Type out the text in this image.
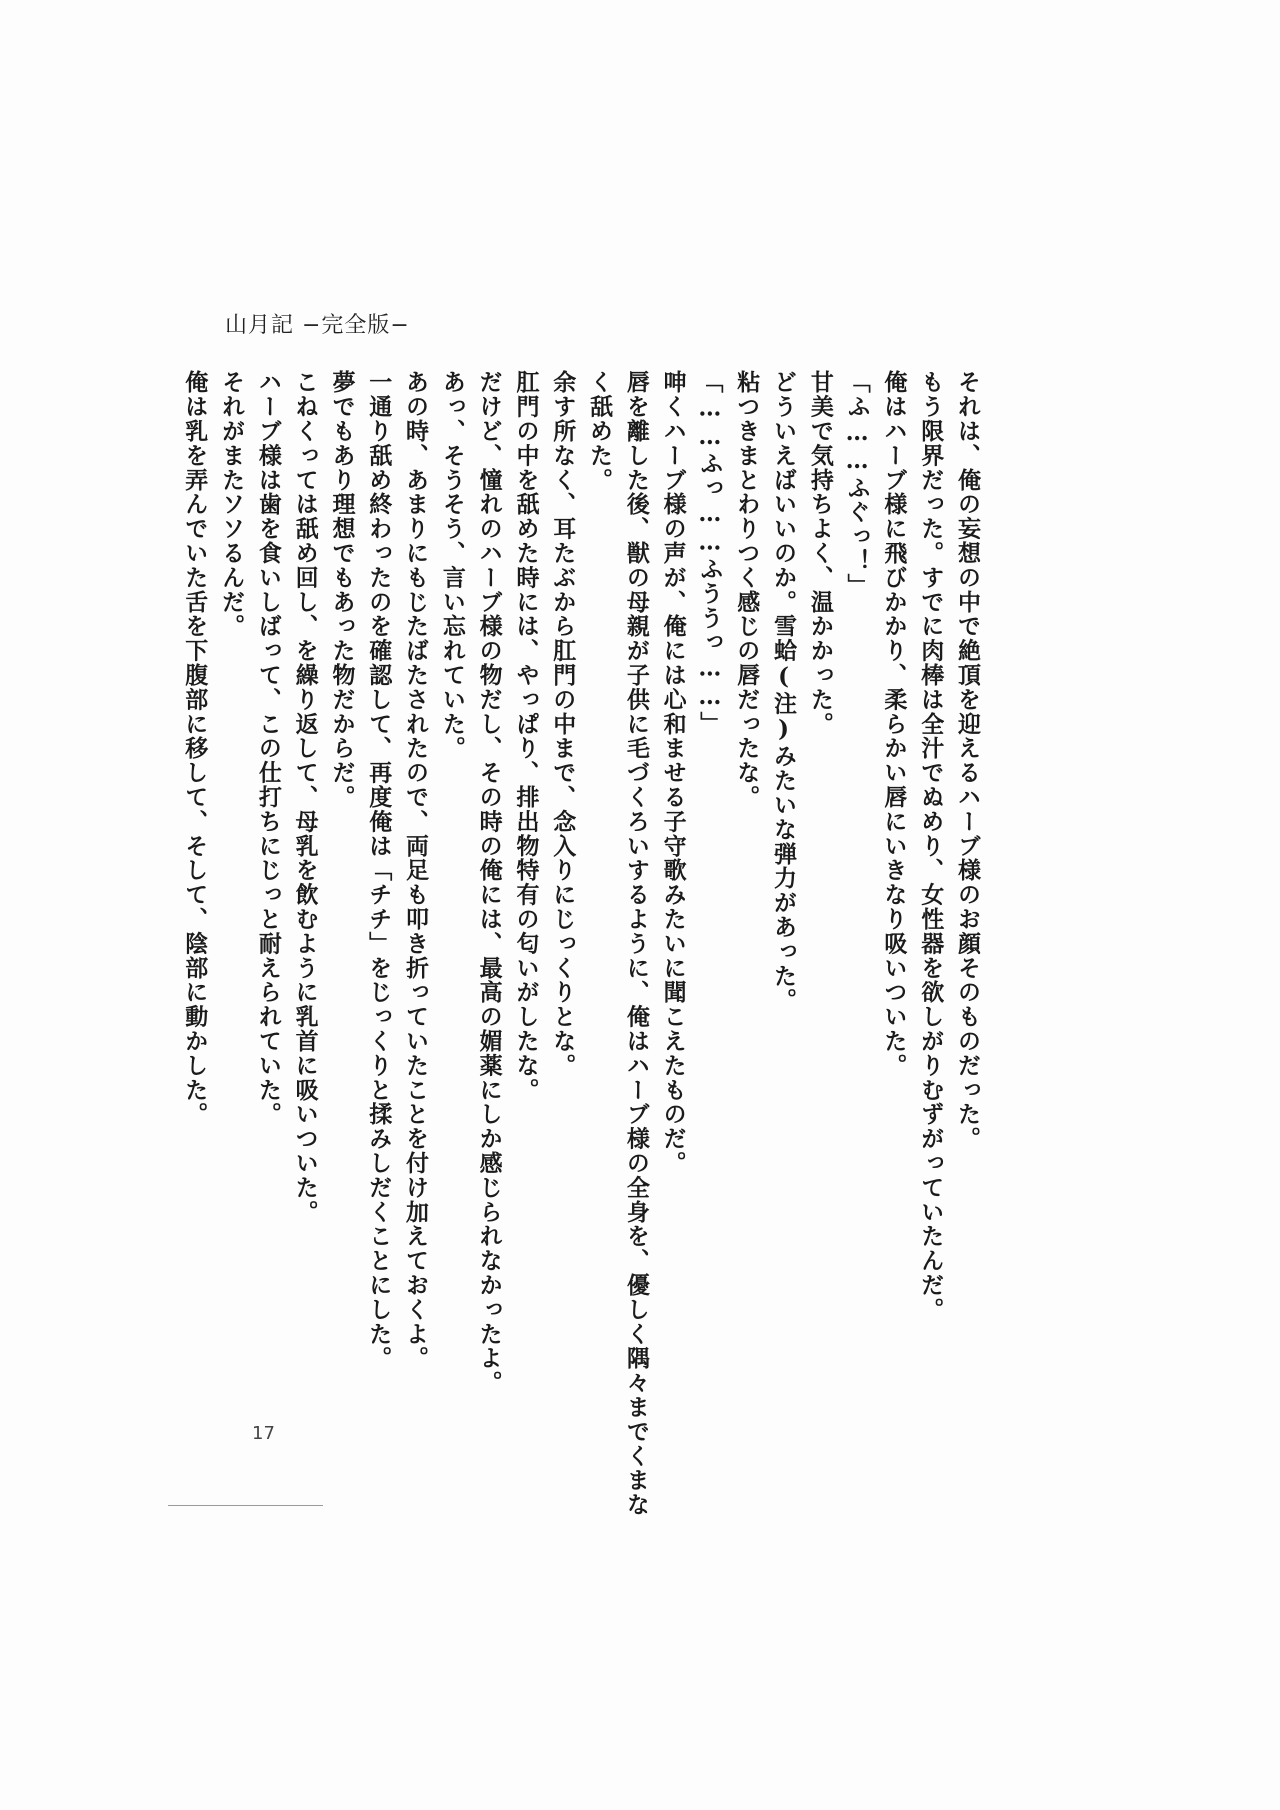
山月記 −完全版−
それは、俺の妄想の中で絶頂を迎えるハーブ様のお顔そのものだった。
もう限界だった。すでに肉棒は全汁でぬめり、女性器を欲しがりむずがっていたんだ。
俺はハーブ様に飛びかかり、柔らかい唇にいきなり吸いついた。
「ふ……ふぐっ！」
甘美で気持ちよく、温かかった。
どういえばいいのか。雪蛤(注)みたいな弾力があった。
粘つきまとわりつく感じの唇だったな。
「……ふっ……ふううっ……」
呻くハーブ様の声が、俺には心和ませる子守歌みたいに聞こえたものだ。
唇を離した後、獣の母親が子供に毛づくろいするように、俺はハーブ様の全身を、優しく隅々までくまな
く舐めた。
余す所なく、耳たぶから肛門の中まで、念入りにじっくりとな。
肛門の中を舐めた時には、やっぱり、排出物特有の匂いがしたな。
だけど、憧れのハーブ様の物だし、その時の俺には、最高の媚薬にしか感じられなかったよ。
あっ、そうそう、言い忘れていた。
あの時、あまりにもじたばたされたので、両足も叩き折っていたことを付け加えておくよ。
一通り舐め終わったのを確認して、再度俺は「チチ」をじっくりと揉みしだくことにした。
夢でもあり理想でもあった物だからだ。
こねくっては舐め回し、を繰り返して、母乳を飲むように乳首に吸いついた。
ハーブ様は歯を食いしばって、この仕打ちにじっと耐えられていた。
それがまたソソるんだ。
俺は乳を弄んでいた舌を下腹部に移して、そして、陰部に動かした。
17
